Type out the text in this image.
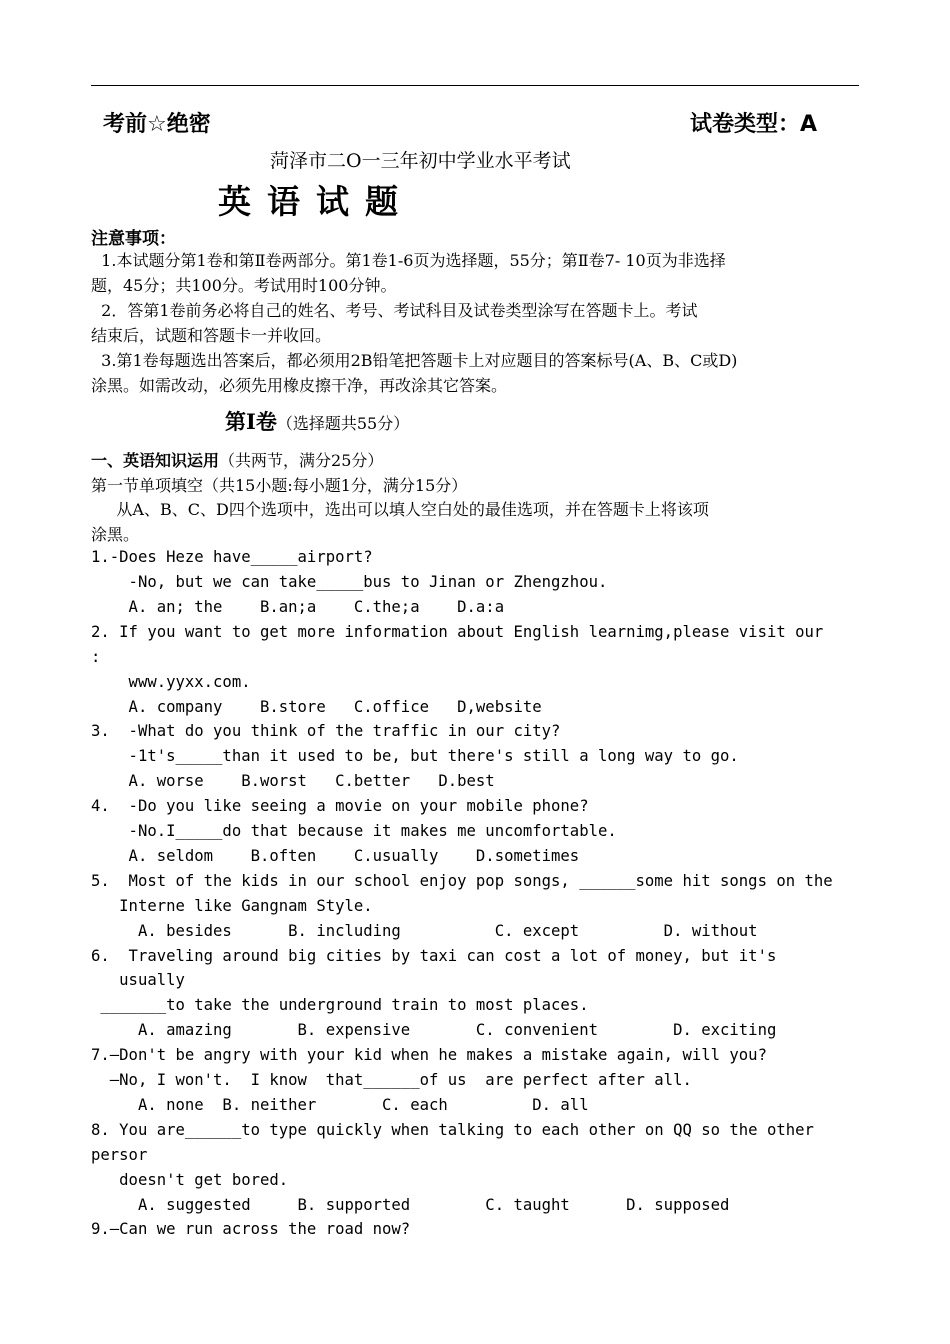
考前☆绝密	试卷类型：A
菏泽市二O一三年初中学业水平考试
英语试题
注意事项：
1.本试题分第1卷和第Ⅱ卷两部分。第1卷1-6页为选择题，55分；第Ⅱ卷7- 10页为非选择
题，45分；共100分。考试用时100分钟。
2．答第1卷前务必将自己的姓名、考号、考试科目及试卷类型涂写在答题卡上。考试
结束后，试题和答题卡一并收回。
3.第1卷每题选出答案后，都必须用2B铅笔把答题卡上对应题目的答案标号(A、B、C或D)
涂黑。如需改动，必须先用橡皮擦干净，再改涂其它答案。
第I卷（选择题共55分）
一、英语知识运用（共两节，满分25分）
第一节单项填空（共15小题:每小题1分，满分15分）
从A、B、C、D四个选项中，选出可以填人空白处的最佳选项，并在答题卡上将该项
涂黑。
1.-Does Heze have_____airport?
-No, but we can take_____bus to Jinan or Zhengzhou.
A. an; the    B.an;a    C.the;a    D.a:a
2. If you want to get more information about English learnimg,please visit our
:
www.yyxx.com.
A. company    B.store   C.office   D,website
3.  -What do you think of the traffic in our city?
-1t's_____than it used to be, but there's still a long way to go.
A. worse    B.worst   C.better   D.best
4.  -Do you like seeing a movie on your mobile phone?
-No.I_____do that because it makes me uncomfortable.
A. seldom    B.often    C.usually    D.sometimes
5.  Most of the kids in our school enjoy pop songs, ______some hit songs on the
Interne like Gangnam Style.
A. besides      B. including          C. except         D. without
6.  Traveling around big cities by taxi can cost a lot of money, but it's
usually
_______to take the underground train to most places.
A. amazing       B. expensive       C. convenient        D. exciting
7.—Don't be angry with your kid when he makes a mistake again, will you?
—No, I won't.  I know  that______of us  are perfect after all.
A. none  B. neither       C. each         D. all
8. You are______to type quickly when talking to each other on QQ so the other
persor
doesn't get bored.
A. suggested     B. supported        C. taught      D. supposed
9.—Can we run across the road now?
